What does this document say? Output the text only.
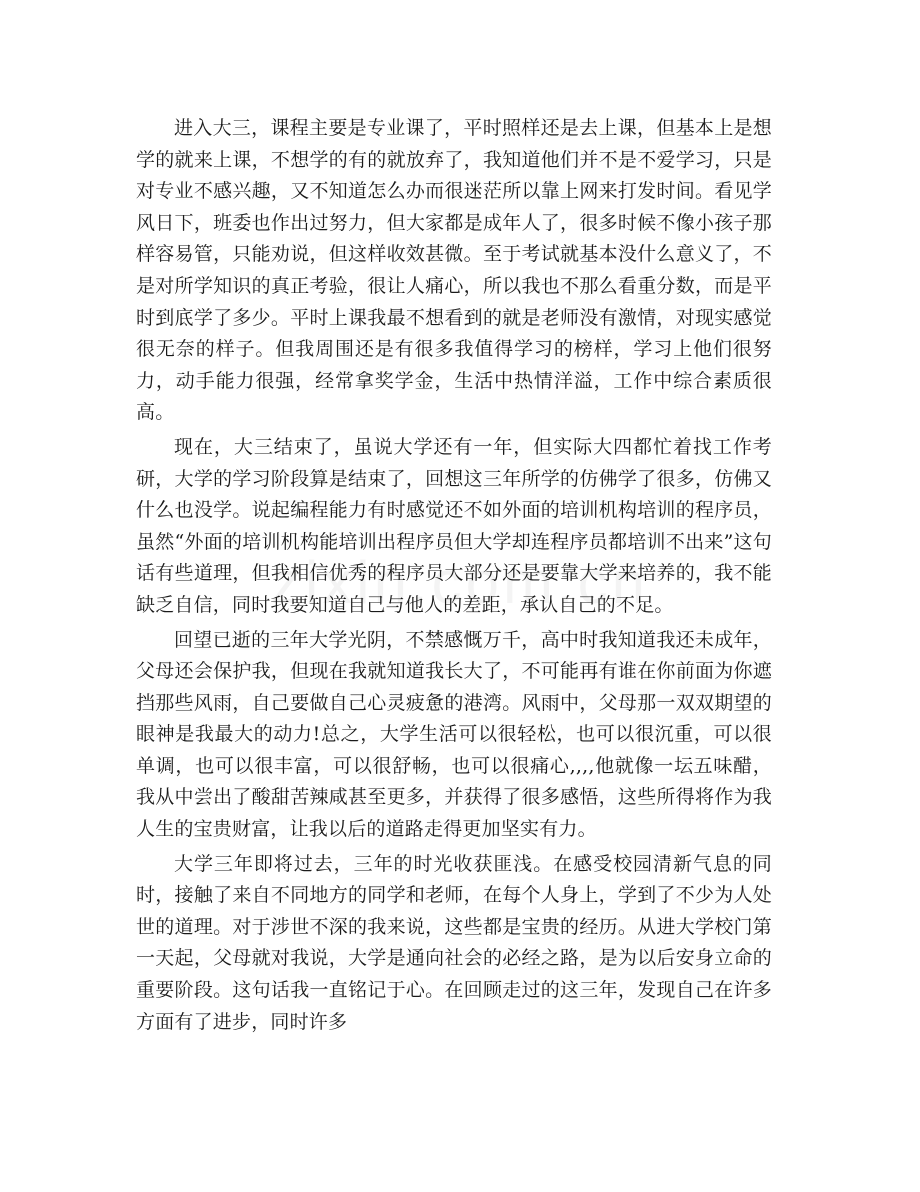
进入大三，课程主要是专业课了，平时照样还是去上课，但基本上是想学的就来上课，不想学的有的就放弃了，我知道他们并不是不爱学习，只是对专业不感兴趣，又不知道怎么办而很迷茫所以靠上网来打发时间。看见学风日下，班委也作出过努力，但大家都是成年人了，很多时候不像小孩子那样容易管，只能劝说，但这样收效甚微。至于考试就基本没什么意义了，不是对所学知识的真正考验，很让人痛心，所以我也不那么看重分数，而是平时到底学了多少。平时上课我最不想看到的就是老师没有激情，对现实感觉很无奈的样子。但我周围还是有很多我值得学习的榜样，学习上他们很努力，动手能力很强，经常拿奖学金，生活中热情洋溢，工作中综合素质很高。

现在，大三结束了，虽说大学还有一年，但实际大四都忙着找工作考研，大学的学习阶段算是结束了，回想这三年所学的仿佛学了很多，仿佛又什么也没学。说起编程能力有时感觉还不如外面的培训机构培训的程序员，虽然“外面的培训机构能培训出程序员但大学却连程序员都培训不出来”这句话有些道理，但我相信优秀的程序员大部分还是要靠大学来培养的，我不能缺乏自信，同时我要知道自己与他人的差距，承认自己的不足。

回望已逝的三年大学光阴，不禁感慨万千，高中时我知道我还未成年，父母还会保护我，但现在我就知道我长大了，不可能再有谁在你前面为你遮挡那些风雨，自己要做自己心灵疲惫的港湾。风雨中，父母那一双双期望的眼神是我最大的动力!总之，大学生活可以很轻松，也可以很沉重，可以很单调，也可以很丰富，可以很舒畅，也可以很痛心,,,,他就像一坛五味醋，我从中尝出了酸甜苦辣咸甚至更多，并获得了很多感悟，这些所得将作为我人生的宝贵财富，让我以后的道路走得更加坚实有力。

大学三年即将过去，三年的时光收获匪浅。在感受校园清新气息的同时，接触了来自不同地方的同学和老师，在每个人身上，学到了不少为人处世的道理。对于涉世不深的我来说，这些都是宝贵的经历。从进大学校门第一天起，父母就对我说，大学是通向社会的必经之路，是为以后安身立命的重要阶段。这句话我一直铭记于心。在回顾走过的这三年，发现自己在许多方面有了进步，同时许多
